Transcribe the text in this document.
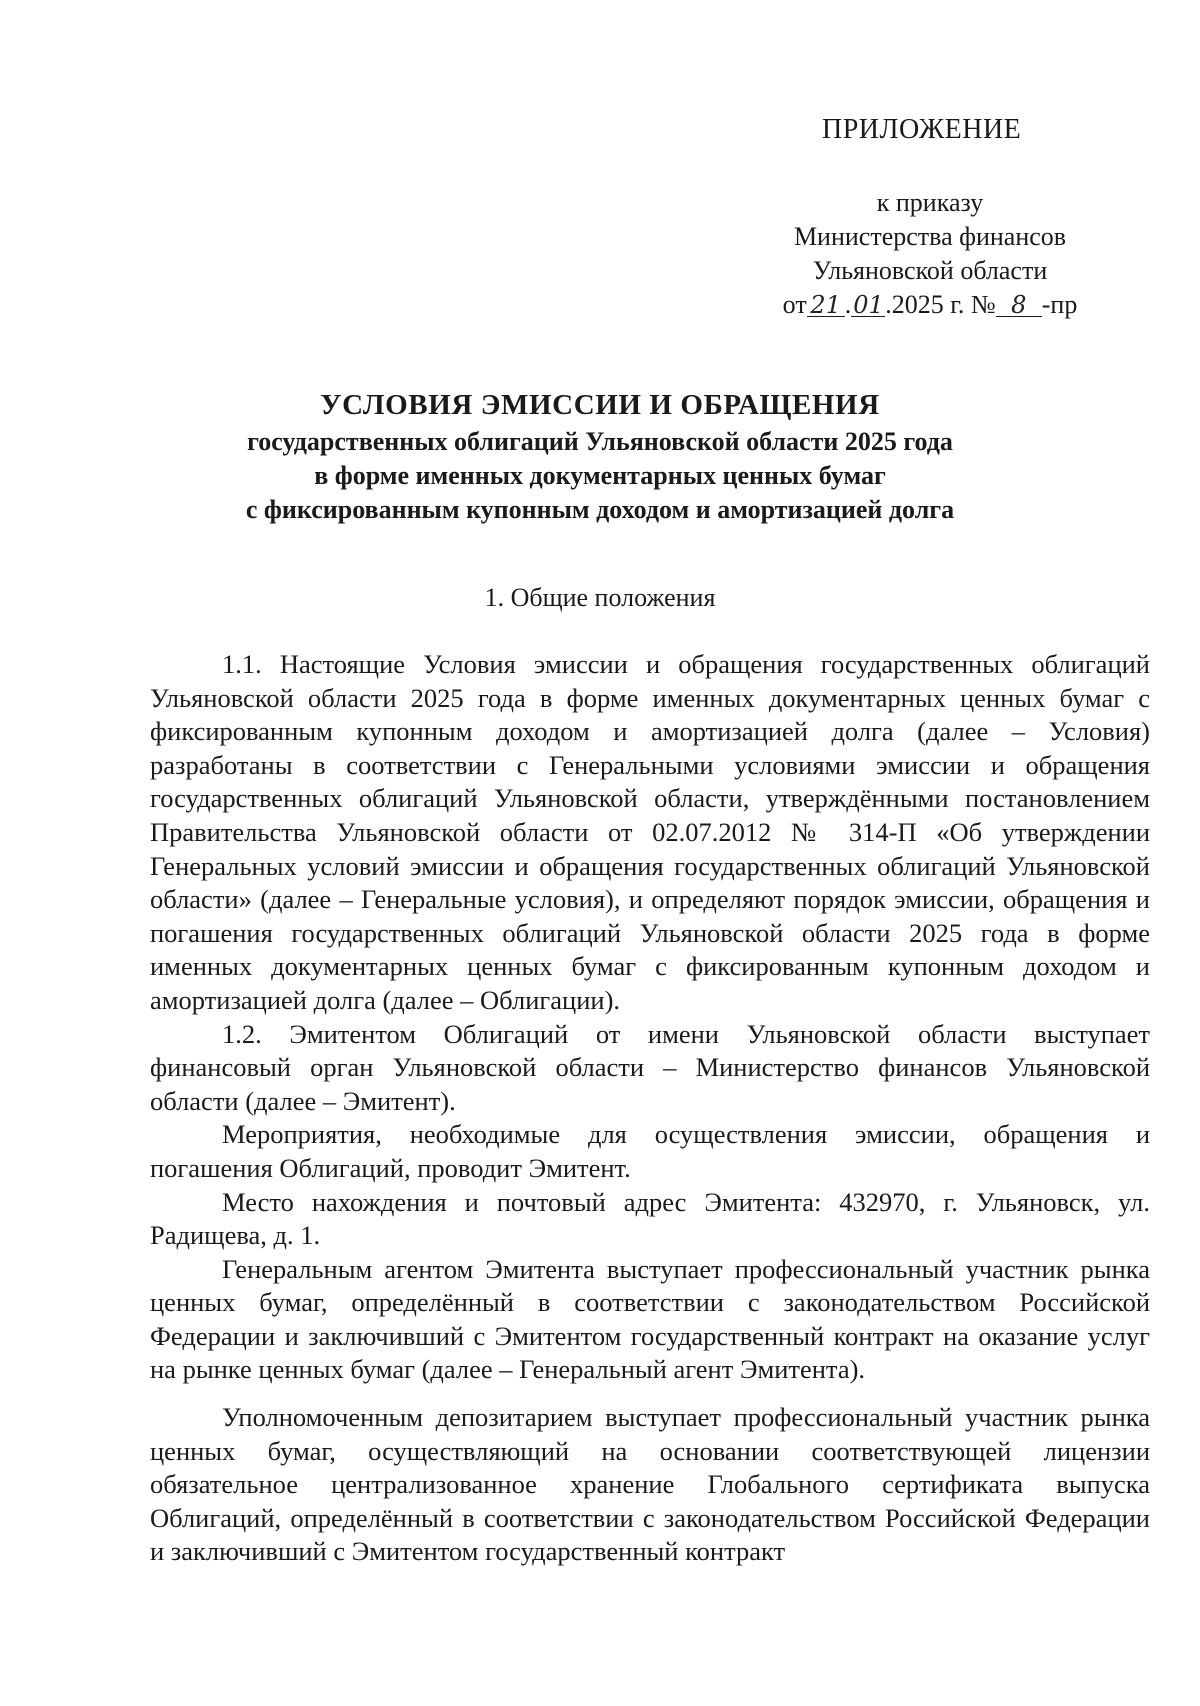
ПРИЛОЖЕНИЕ
к приказу
Министерства финансов
Ульяновской области
от 21 .01.2025 г. № 8 -пр
УСЛОВИЯ ЭМИССИИ И ОБРАЩЕНИЯ
государственных облигаций Ульяновской области 2025 года
в форме именных документарных ценных бумаг
с фиксированным купонным доходом и амортизацией долга
1. Общие положения

1.1. Настоящие Условия эмиссии и обращения государственных облигаций Ульяновской области 2025 года в форме именных документарных ценных бумаг с фиксированным купонным доходом и амортизацией долга (далее – Условия) разработаны в соответствии с Генеральными условиями эмиссии и обращения государственных облигаций Ульяновской области, утверждёнными постановлением Правительства Ульяновской области от 02.07.2012 № 314-П «Об утверждении Генеральных условий эмиссии и обращения государственных облигаций Ульяновской области» (далее – Генеральные условия), и определяют порядок эмиссии, обращения и погашения государственных облигаций Ульяновской области 2025 года в форме именных документарных ценных бумаг с фиксированным купонным доходом и амортизацией долга (далее – Облигации).

1.2. Эмитентом Облигаций от имени Ульяновской области выступает финансовый орган Ульяновской области – Министерство финансов Ульяновской области (далее – Эмитент).

Мероприятия, необходимые для осуществления эмиссии, обращения и погашения Облигаций, проводит Эмитент.

Место нахождения и почтовый адрес Эмитента: 432970, г. Ульяновск, ул. Радищева, д. 1.

Генеральным агентом Эмитента выступает профессиональный участник рынка ценных бумаг, определённый в соответствии с законодательством Российской Федерации и заключивший с Эмитентом государственный контракт на оказание услуг на рынке ценных бумаг (далее – Генеральный агент Эмитента).

Уполномоченным депозитарием выступает профессиональный участник рынка ценных бумаг, осуществляющий на основании соответствующей лицензии обязательное централизованное хранение Глобального сертификата выпуска Облигаций, определённый в соответствии с законодательством Российской Федерации и заключивший с Эмитентом государственный контракт
